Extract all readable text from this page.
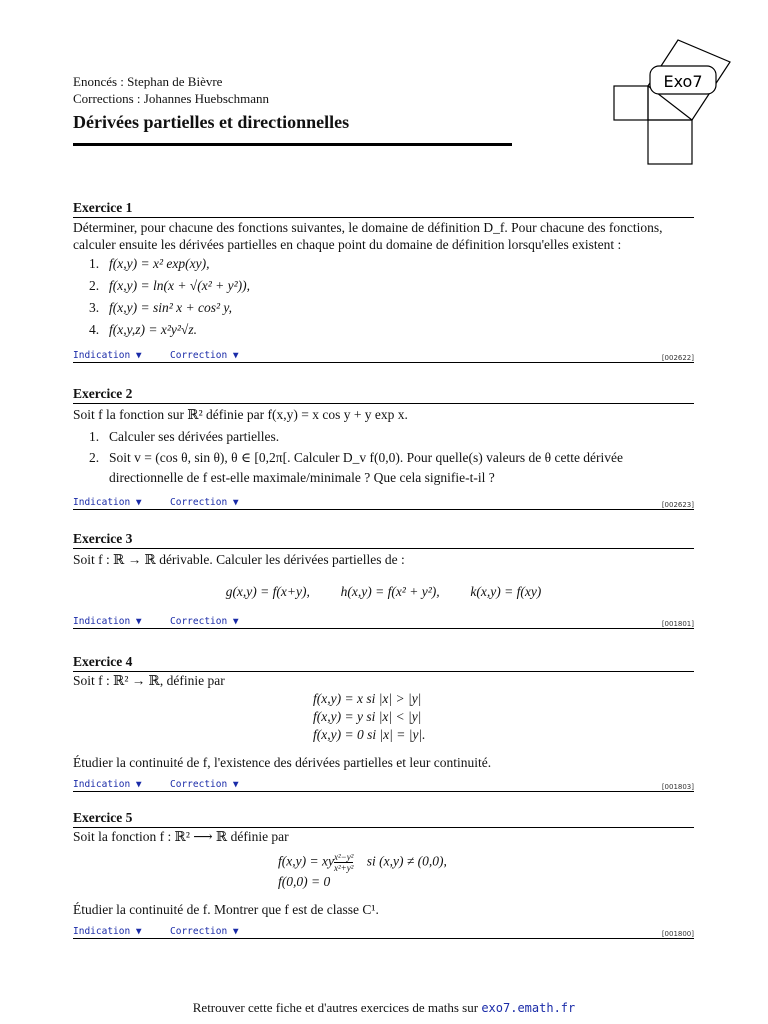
Enoncés : Stephan de Bièvre
Corrections : Johannes Huebschmann
Dérivées partielles et directionnelles
Exo7
Exercice 1

Déterminer, pour chacune des fonctions suivantes, le domaine de définition D_f. Pour chacune des fonctions, calculer ensuite les dérivées partielles en chaque point du domaine de définition lorsqu'elles existent :

1. f(x,y) = x² exp(xy),
2. f(x,y) = ln(x + √(x² + y²)),
3. f(x,y) = sin² x + cos² y,
4. f(x,y,z) = x²y²√z.
Indication ▼	Correction ▼	[002622]
Exercice 2

Soit f la fonction sur ℝ² définie par f(x,y) = x cos y + y exp x.

1. Calculer ses dérivées partielles.
2. Soit v = (cos θ, sin θ), θ ∈ [0,2π[. Calculer D_v f(0,0). Pour quelle(s) valeurs de θ cette dérivée directionnelle de f est-elle maximale/minimale ? Que cela signifie-t-il ?
Indication ▼	Correction ▼	[002623]
Exercice 3

Soit f : ℝ → ℝ dérivable. Calculer les dérivées partielles de :

g(x,y) = f(x+y), h(x,y) = f(x² + y²), k(x,y) = f(xy)

Indication ▼	Correction ▼	[001801]
Exercice 4

Soit f : ℝ² → ℝ, définie par

f(x,y) = x si |x| > |y|
f(x,y) = y si |x| < |y|
f(x,y) = 0 si |x| = |y|.

Étudier la continuité de f, l'existence des dérivées partielles et leur continuité.

Indication ▼	Correction ▼	[001803]
Exercice 5

Soit la fonction f : ℝ² ⟶ ℝ définie par

f(x,y) = xy $\frac{\text{x²−y²}}{\text{x²+y²}}$ si (x,y) ≠ (0,0),
f(0,0) = 0

Étudier la continuité de f. Montrer que f est de classe C¹.

Indication ▼	Correction ▼	[001800]
Retrouver cette fiche et d'autres exercices de maths sur exo7.emath.fr
